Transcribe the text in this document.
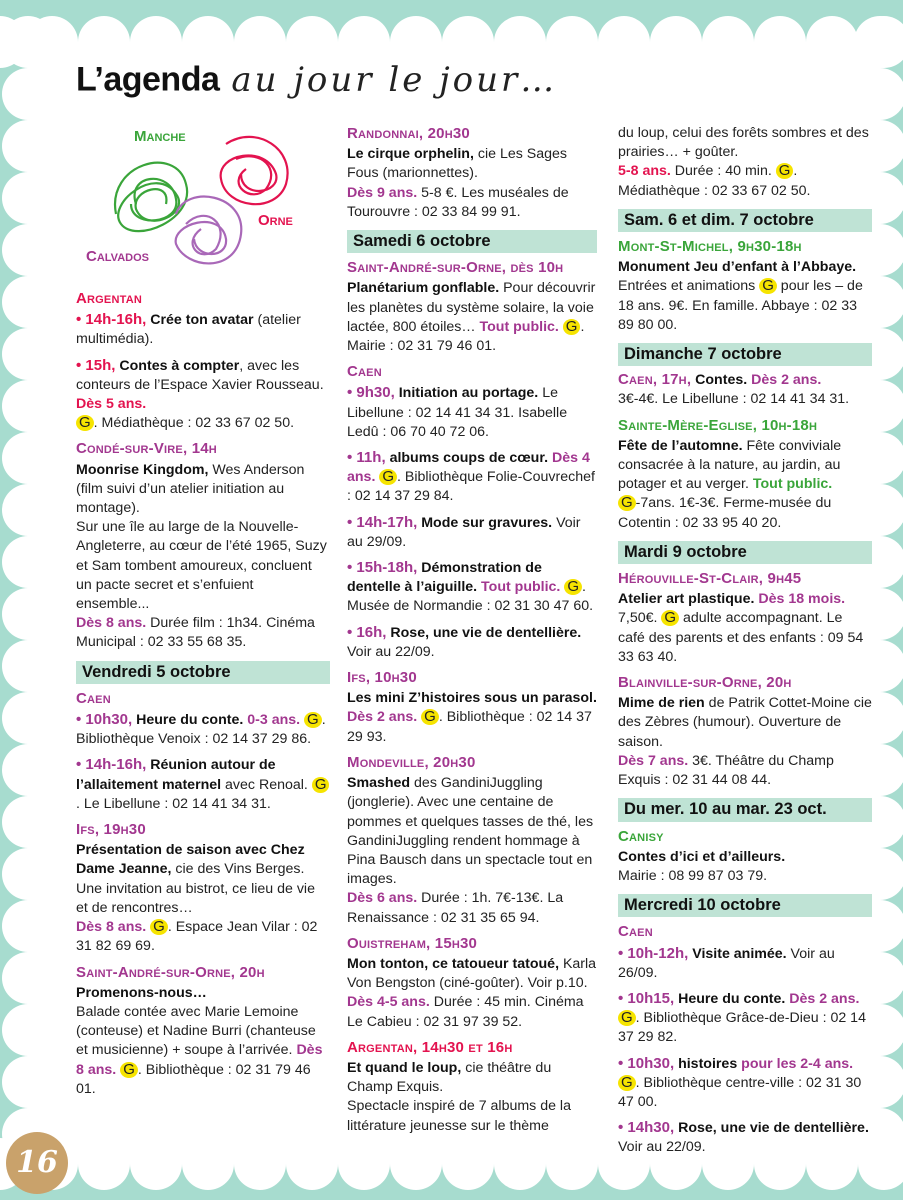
L’agenda au jour le jour…
Manche
Orne
Calvados
Argentan

• 14h-16h, Crée ton avatar (atelier multimédia).

• 15h, Contes à compter, avec les conteurs de l’Espace Xavier Rousseau. Dès 5 ans.
G . Médiathèque : 02 33 67 02 50.

Condé-sur-Vire, 14h

Moonrise Kingdom, Wes Anderson (film suivi d’un atelier initiation au montage).
Sur une île au large de la Nouvelle-Angleterre, au cœur de l’été 1965, Suzy et Sam tombent amoureux, concluent un pacte secret et s’enfuient ensemble...
Dès 8 ans. Durée film : 1h34. Cinéma Municipal : 02 33 55 68 35.

Vendredi 5 octobre
Caen

• 10h30, Heure du conte. 0-3 ans. G . Bibliothèque Venoix : 02 14 37 29 86.

• 14h-16h, Réunion autour de l’allaitement maternel avec Renoal. G. Le Libellune : 02 14 41 34 31.

Ifs, 19h30

Présentation de saison avec Chez Dame Jeanne, cie des Vins Berges. Une invitation au bistrot, ce lieu de vie et de rencontres…
Dès 8 ans. G . Espace Jean Vilar : 02 31 82 69 69.

Saint-André-sur-Orne, 20h

Promenons-nous…
Balade contée avec Marie Lemoine (conteuse) et Nadine Burri (chanteuse et musicienne) + soupe à l’arrivée. Dès 8 ans. G . Bibliothèque : 02 31 79 46 01.

Randonnai, 20h30

Le cirque orphelin, cie Les Sages Fous (marionnettes).
Dès 9 ans. 5-8 €. Les muséales de Tourouvre : 02 33 84 99 91.

Samedi 6 octobre
Saint-André-sur-Orne, dès 10h

Planétarium gonflable. Pour découvrir les planètes du système solaire, la voie lactée, 800 étoiles… Tout public. G . Mairie : 02 31 79 46 01.

Caen

• 9h30, Initiation au portage. Le Libellune : 02 14 41 34 31. Isabelle Ledû : 06 70 40 72 06.

• 11h, albums coups de cœur. Dès 4 ans. G . Bibliothèque Folie-Couvrechef : 02 14 37 29 84.

• 14h-17h, Mode sur gravures. Voir au 29/09.

• 15h-18h, Démonstration de dentelle à l’aiguille. Tout public. G . Musée de Normandie : 02 31 30 47 60.

• 16h, Rose, une vie de dentellière. Voir au 22/09.

Ifs, 10h30

Les mini Z’histoires sous un parasol. Dès 2 ans. G . Bibliothèque : 02 14 37 29 93.

Mondeville, 20h30

Smashed des GandiniJuggling (jonglerie). Avec une centaine de pommes et quelques tasses de thé, les GandiniJuggling rendent hommage à Pina Bausch dans un spectacle tout en images.
Dès 6 ans. Durée : 1h. 7€-13€. La Renaissance : 02 31 35 65 94.

Ouistreham, 15h30

Mon tonton, ce tatoueur tatoué, Karla Von Bengston (ciné-goûter). Voir p.10. Dès 4-5 ans. Durée : 45 min. Cinéma Le Cabieu : 02 31 97 39 52.

Argentan, 14h30 et 16h

Et quand le loup, cie théâtre du Champ Exquis.
Spectacle inspiré de 7 albums de la littérature jeunesse sur le thème

du loup, celui des forêts sombres et des prairies… + goûter.
5-8 ans. Durée : 40 min. G . Médiathèque : 02 33 67 02 50.

Sam. 6 et dim. 7 octobre
Mont-St-Michel, 9h30-18h

Monument Jeu d’enfant à l’Abbaye.
Entrées et animations G pour les – de 18 ans. 9€. En famille. Abbaye : 02 33 89 80 00.

Dimanche 7 octobre

Caen, 17h, Contes. Dès 2 ans.
3€-4€. Le Libellune : 02 14 41 34 31.

Sainte-Mère-Eglise, 10h-18h

Fête de l’automne. Fête conviviale consacrée à la nature, au jardin, au potager et au verger. Tout public.
G -7ans. 1€-3€. Ferme-musée du Cotentin : 02 33 95 40 20.

Mardi 9 octobre
Hérouville-St-Clair, 9h45

Atelier art plastique. Dès 18 mois.
7,50€. G adulte accompagnant. Le café des parents et des enfants : 09 54 33 63 40.

Blainville-sur-Orne, 20h

Mime de rien de Patrik Cottet-Moine cie des Zèbres (humour). Ouverture de saison.
Dès 7 ans. 3€. Théâtre du Champ Exquis : 02 31 44 08 44.

Du mer. 10 au mar. 23 oct.
Canisy

Contes d’ici et d’ailleurs.
Mairie : 08 99 87 03 79.

Mercredi 10 octobre
Caen

• 10h-12h, Visite animée. Voir au 26/09.

• 10h15, Heure du conte. Dès 2 ans. G . Bibliothèque Grâce-de-Dieu : 02 14 37 29 82.

• 10h30, histoires pour les 2-4 ans. G . Bibliothèque centre-ville : 02 31 30 47 00.

• 14h30, Rose, une vie de dentellière. Voir au 22/09.

16
